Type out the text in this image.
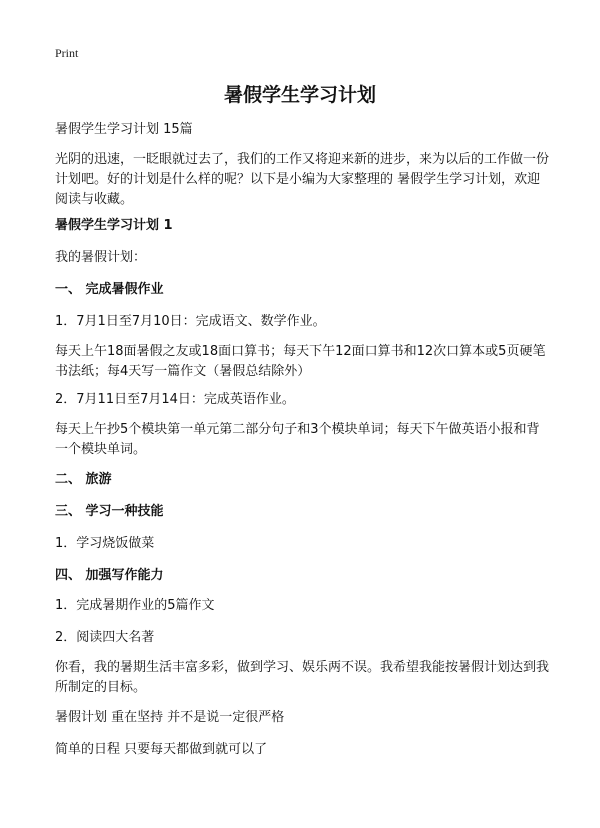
Print
暑假学生学习计划
暑假学生学习计划 15篇
光阴的迅速，一眨眼就过去了，我们的工作又将迎来新的进步，来为以后的工作做一份计划吧。好的计划是什么样的呢？以下是小编为大家整理的 暑假学生学习计划，欢迎阅读与收藏。
暑假学生学习计划 1
我的暑假计划：
一、 完成暑假作业
1．7月1日至7月10日：完成语文、数学作业。
每天上午18面暑假之友或18面口算书；每天下午12面口算书和12次口算本或5页硬笔书法纸；每4天写一篇作文（暑假总结除外）
2．7月11日至7月14日：完成英语作业。
每天上午抄5个模块第一单元第二部分句子和3个模块单词；每天下午做英语小报和背一个模块单词。
二、 旅游
三、 学习一种技能
1．学习烧饭做菜
四、 加强写作能力
1．完成暑期作业的5篇作文
2．阅读四大名著
你看，我的暑期生活丰富多彩，做到学习、娱乐两不误。我希望我能按暑假计划达到我所制定的目标。
暑假计划 重在坚持 并不是说一定很严格
简单的日程 只要每天都做到就可以了
